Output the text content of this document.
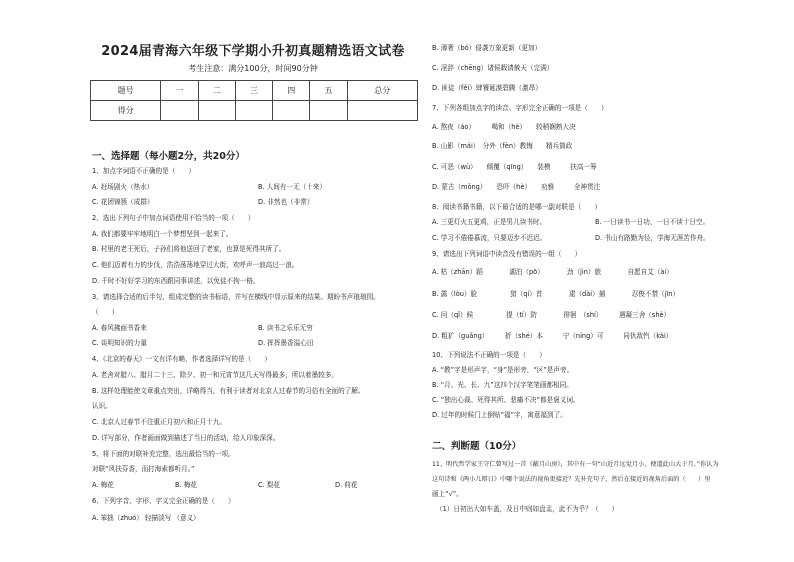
2024届青海六年级下学期小升初真题精选语文试卷
考生注意：满分100分，时间90分钟
题号	一	二	三	四	五	总分
得分						
一、选择题（每小题2分，共20分）
1、加点字词语不正确的是（　　）
A. 赶场剧火（热水）	B. 人间有一无（十来）
C. 花团锦簇（成群）	D. 非然也（非常）
2、选出下列句子中加点词语使用不恰当的一项（　　）
A. 我们都要牢牢地明白一个梦想坚到一起来了。
B. 村里的老王死后，子孙们将他送回了老家，也算是死得其所了。
C. 他们迈着有力的步伐，浩浩荡荡地穿过大街，欢呼声一浪高过一浪。
D. 千时不好好学习的东西跟同事讲述，以免徒不拘一格。
3、请选择合适的后半句，组成完整的读书标语，并写在横线中显示原来的结果。期盼书声琅琅园。
（　　）
A. 春风拂面书香来	B. 读书之乐乐无穷
C. 谈明知识的力量	D. 挥挥墨香溢心田
4、《北京的春天》一文有详有略，作者选择详写的是（　　）
A. 老舍对腊八、腊月二十三、除夕、初一和元宵节这几天写得最多，所以着墨较多。
B. 这样处理能使文章重点突出，详略得当，有利于读者对北京人过春节的习俗有全面的了解。
认识。
C. 北京人过春节不注重正月初六和正月十九。
D. 详写部分，作者画面做到描述了当日的活动，给人印象深深。
5、将下面的对联补充完整，选出最恰当的一项。
对联“风扶芬香，而打海素都听月。”
A. 梅花	B. 梅花	C. 梨花	D. 荷花
6、下列字音、字形、字义完全正确的是（　　）
A. 笨拙（zhuó） 轻描淡写 （意义）
B. 薄奢（bó）侵袭万象更新（更加）
C. 淫辞（chēng）诸侯载请赦天（完满）
D. 匪徒（fěi）肆饕诞漠碧腾（激昂）
7、下列各组加点字的读音、字形完全正确的一项是（　　）
A. 熬夜（áo）　　　喝和（hè）　　较稍娴熟大决
B. 山影（mái）　分外（fèn）教悔　　精兵简政
C. 可恶（wù）　　倾覆（qīng）　　装模　　　扶高一筹
D. 蒙古（mǒng）　　恐吓（hè）　　劝雅　　　全神贯注
8、阅读书籍书籍，以下最合适的是哪一副对联是（　　）
A. 三更灯火五更鸡，正是男儿读书时。	B. 一日读书一日功，一日不读十日空。
C. 学习不倦倦慕流，只要迈步不迟迟。	D. 书山有路勤为径，学海无涯苦作舟。
9、请选出下列词语中读音没有错误的一组（　　）
A. 枯（zhān）蹈　　　　湖泊（pō）　　　　劲（jìn）旅　　　　自愿自艾（ài）
B. 露（lòu）脸　　　　　猎（qí）首　　　　逮（dài）捕　　　　忍俊不禁（jīn）
C. 问（qǐ）候　　　　　提（tí）防　　　　徘徊　（shí）　　　遇凝三舍（shè）
D. 粗犷（guǎng）　　　折（shé）本　　　宁（níng）可　　　同仇敌忾（kài）
10、下列说法不正确的一项是（　　）
A. “教”字是形声字，“身”是形旁，“区”是声旁。
B. “月、光、长、九”这四个汉字笔笔画都相同。
C. “独出心裁、死得其所、悲痛不决”都是褒义词。
D. 过年的时候门上倒贴“福”字，寓意福到了。
二、判断题（10分）
11、明代哲学家王守仁曾写过一首《蔽月山房》，其中有一句“山近月远觉月小，便道此山大于月。”你认为
这句诗和《两小儿辩日》中哪个说法的视角更接近？先补充句子，然后在接近的视角后面的（　　）里
画上“√”。
（1）日初出大如车盖，及日中则如盘盂，此不为乎？（　　）
